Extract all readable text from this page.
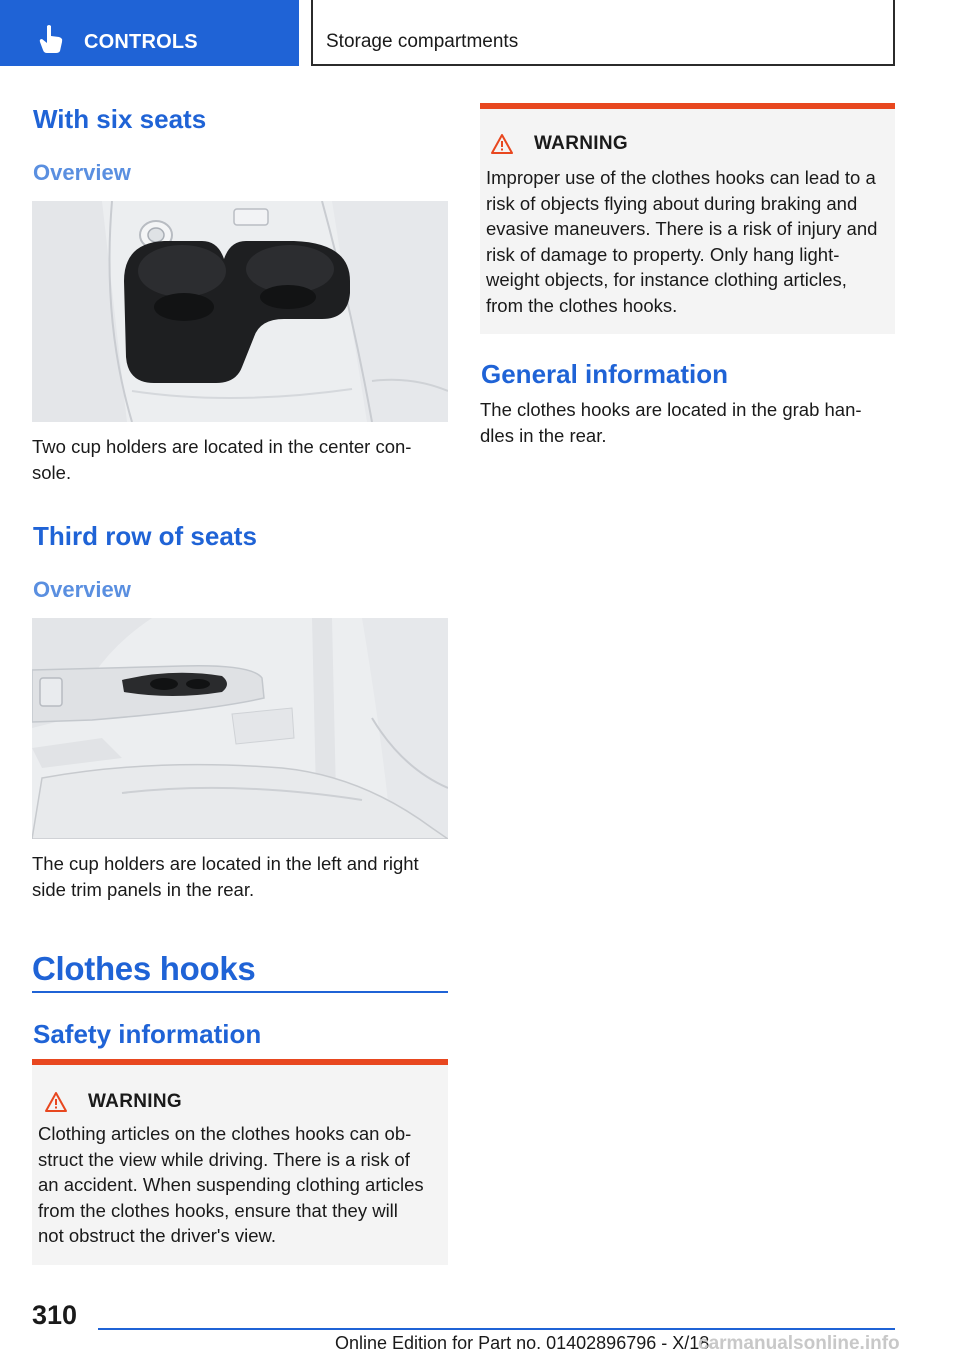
CONTROLS	Storage compartments
With six seats
Overview
Two cup holders are located in the center con‐
sole.
Third row of seats
Overview
The cup holders are located in the left and right
side trim panels in the rear.
Clothes hooks
Safety information
WARNING
Clothing articles on the clothes hooks can ob‐
struct the view while driving. There is a risk of
an accident. When suspending clothing articles
from the clothes hooks, ensure that they will
not obstruct the driver's view.
WARNING
Improper use of the clothes hooks can lead to a
risk of objects flying about during braking and
evasive maneuvers. There is a risk of injury and
risk of damage to property. Only hang light‐
weight objects, for instance clothing articles,
from the clothes hooks.
General information
The clothes hooks are located in the grab han‐
dles in the rear.
310
Online Edition for Part no. 01402896796 - X/18
carmanualsonline.info
